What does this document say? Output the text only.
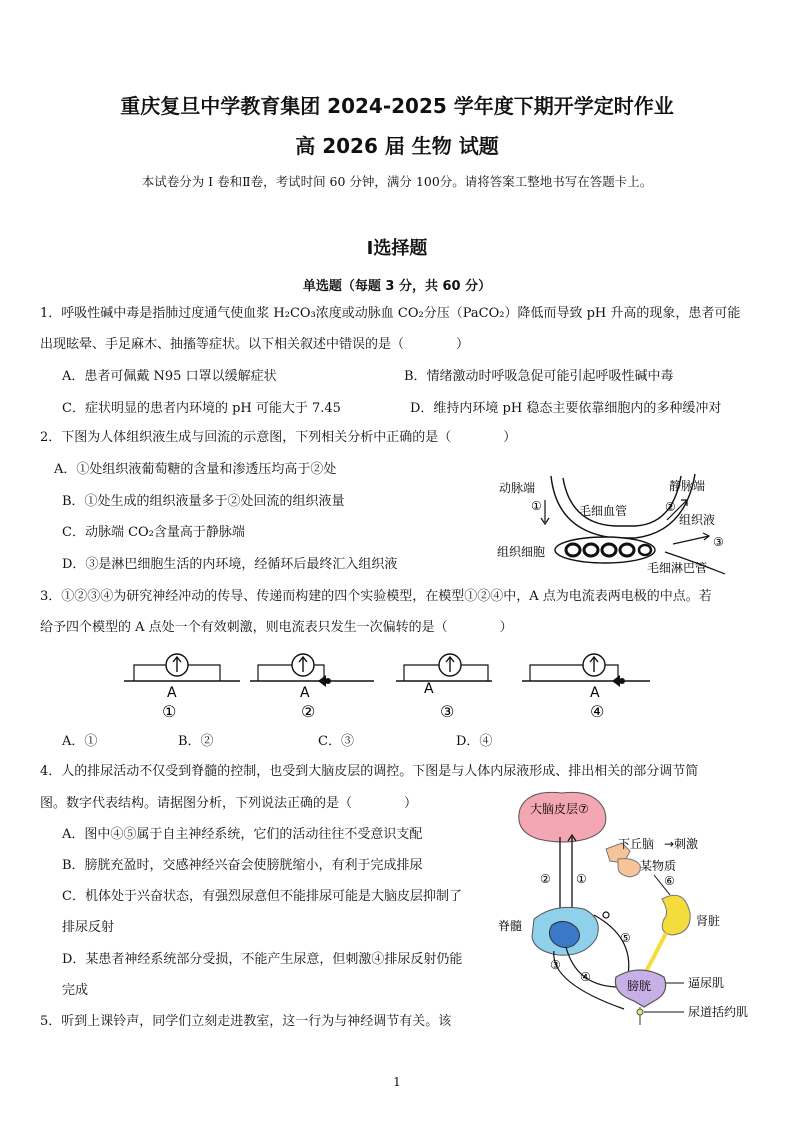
重庆复旦中学教育集团 2024-2025 学年度下期开学定时作业
高 2026 届 生物 试题
本试卷分为 I 卷和Ⅱ卷，考试时间 60 分钟，满分 100分。请将答案工整地书写在答题卡上。
Ⅰ选择题
单选题（每题 3 分，共 60 分）
1．呼吸性碱中毒是指肺过度通气使血浆 H₂CO₃浓度或动脉血 CO₂分压（PaCO₂）降低而导致 pH 升高的现象，患者可能
出现眩晕、手足麻木、抽搐等症状。以下相关叙述中错误的是（　　　　）
A．患者可佩戴 N95 口罩以缓解症状	B．情绪激动时呼吸急促可能引起呼吸性碱中毒
C．症状明显的患者内环境的 pH 可能大于 7.45	D．维持内环境 pH 稳态主要依靠细胞内的多种缓冲对
2．下图为人体组织液生成与回流的示意图，下列相关分析中正确的是（　　　　）
A．①处组织液葡萄糖的含量和渗透压均高于②处
B．①处生成的组织液量多于②处回流的组织液量
C．动脉端 CO₂含量高于静脉端
D．③是淋巴细胞生活的内环境，经循环后最终汇入组织液
动脉端
①
静脉端
毛细血管	②
组织液
组织细胞
③
毛细淋巴管
3．①②③④为研究神经冲动的传导、传递而构建的四个实验模型，在模型①②④中，A 点为电流表两电极的中点。若
给予四个模型的 A 点处一个有效刺激，则电流表只发生一次偏转的是（　　　　）
A
①
A
②
A
③
A
④
A．①	B．②	C．③	D．④
4．人的排尿活动不仅受到脊髓的控制，也受到大脑皮层的调控。下图是与人体内尿液形成、排出相关的部分调节简
图。数字代表结构。请据图分析，下列说法正确的是（　　　　）
A．图中④⑤属于自主神经系统，它们的活动往往不受意识支配
B．膀胱充盈时，交感神经兴奋会使膀胱缩小，有利于完成排尿
C．机体处于兴奋状态，有强烈尿意但不能排尿可能是大脑皮层抑制了
排尿反射
D．某患者神经系统部分受损，不能产生尿意，但刺激④排尿反射仍能
完成
大脑皮层⑦
下丘脑 →刺激
某物质
⑥
肾脏
② ①
脊髓
⑤
④
③
膀胱	逼尿肌
尿道括约肌
5．听到上课铃声，同学们立刻走进教室，这一行为与神经调节有关。该
1
